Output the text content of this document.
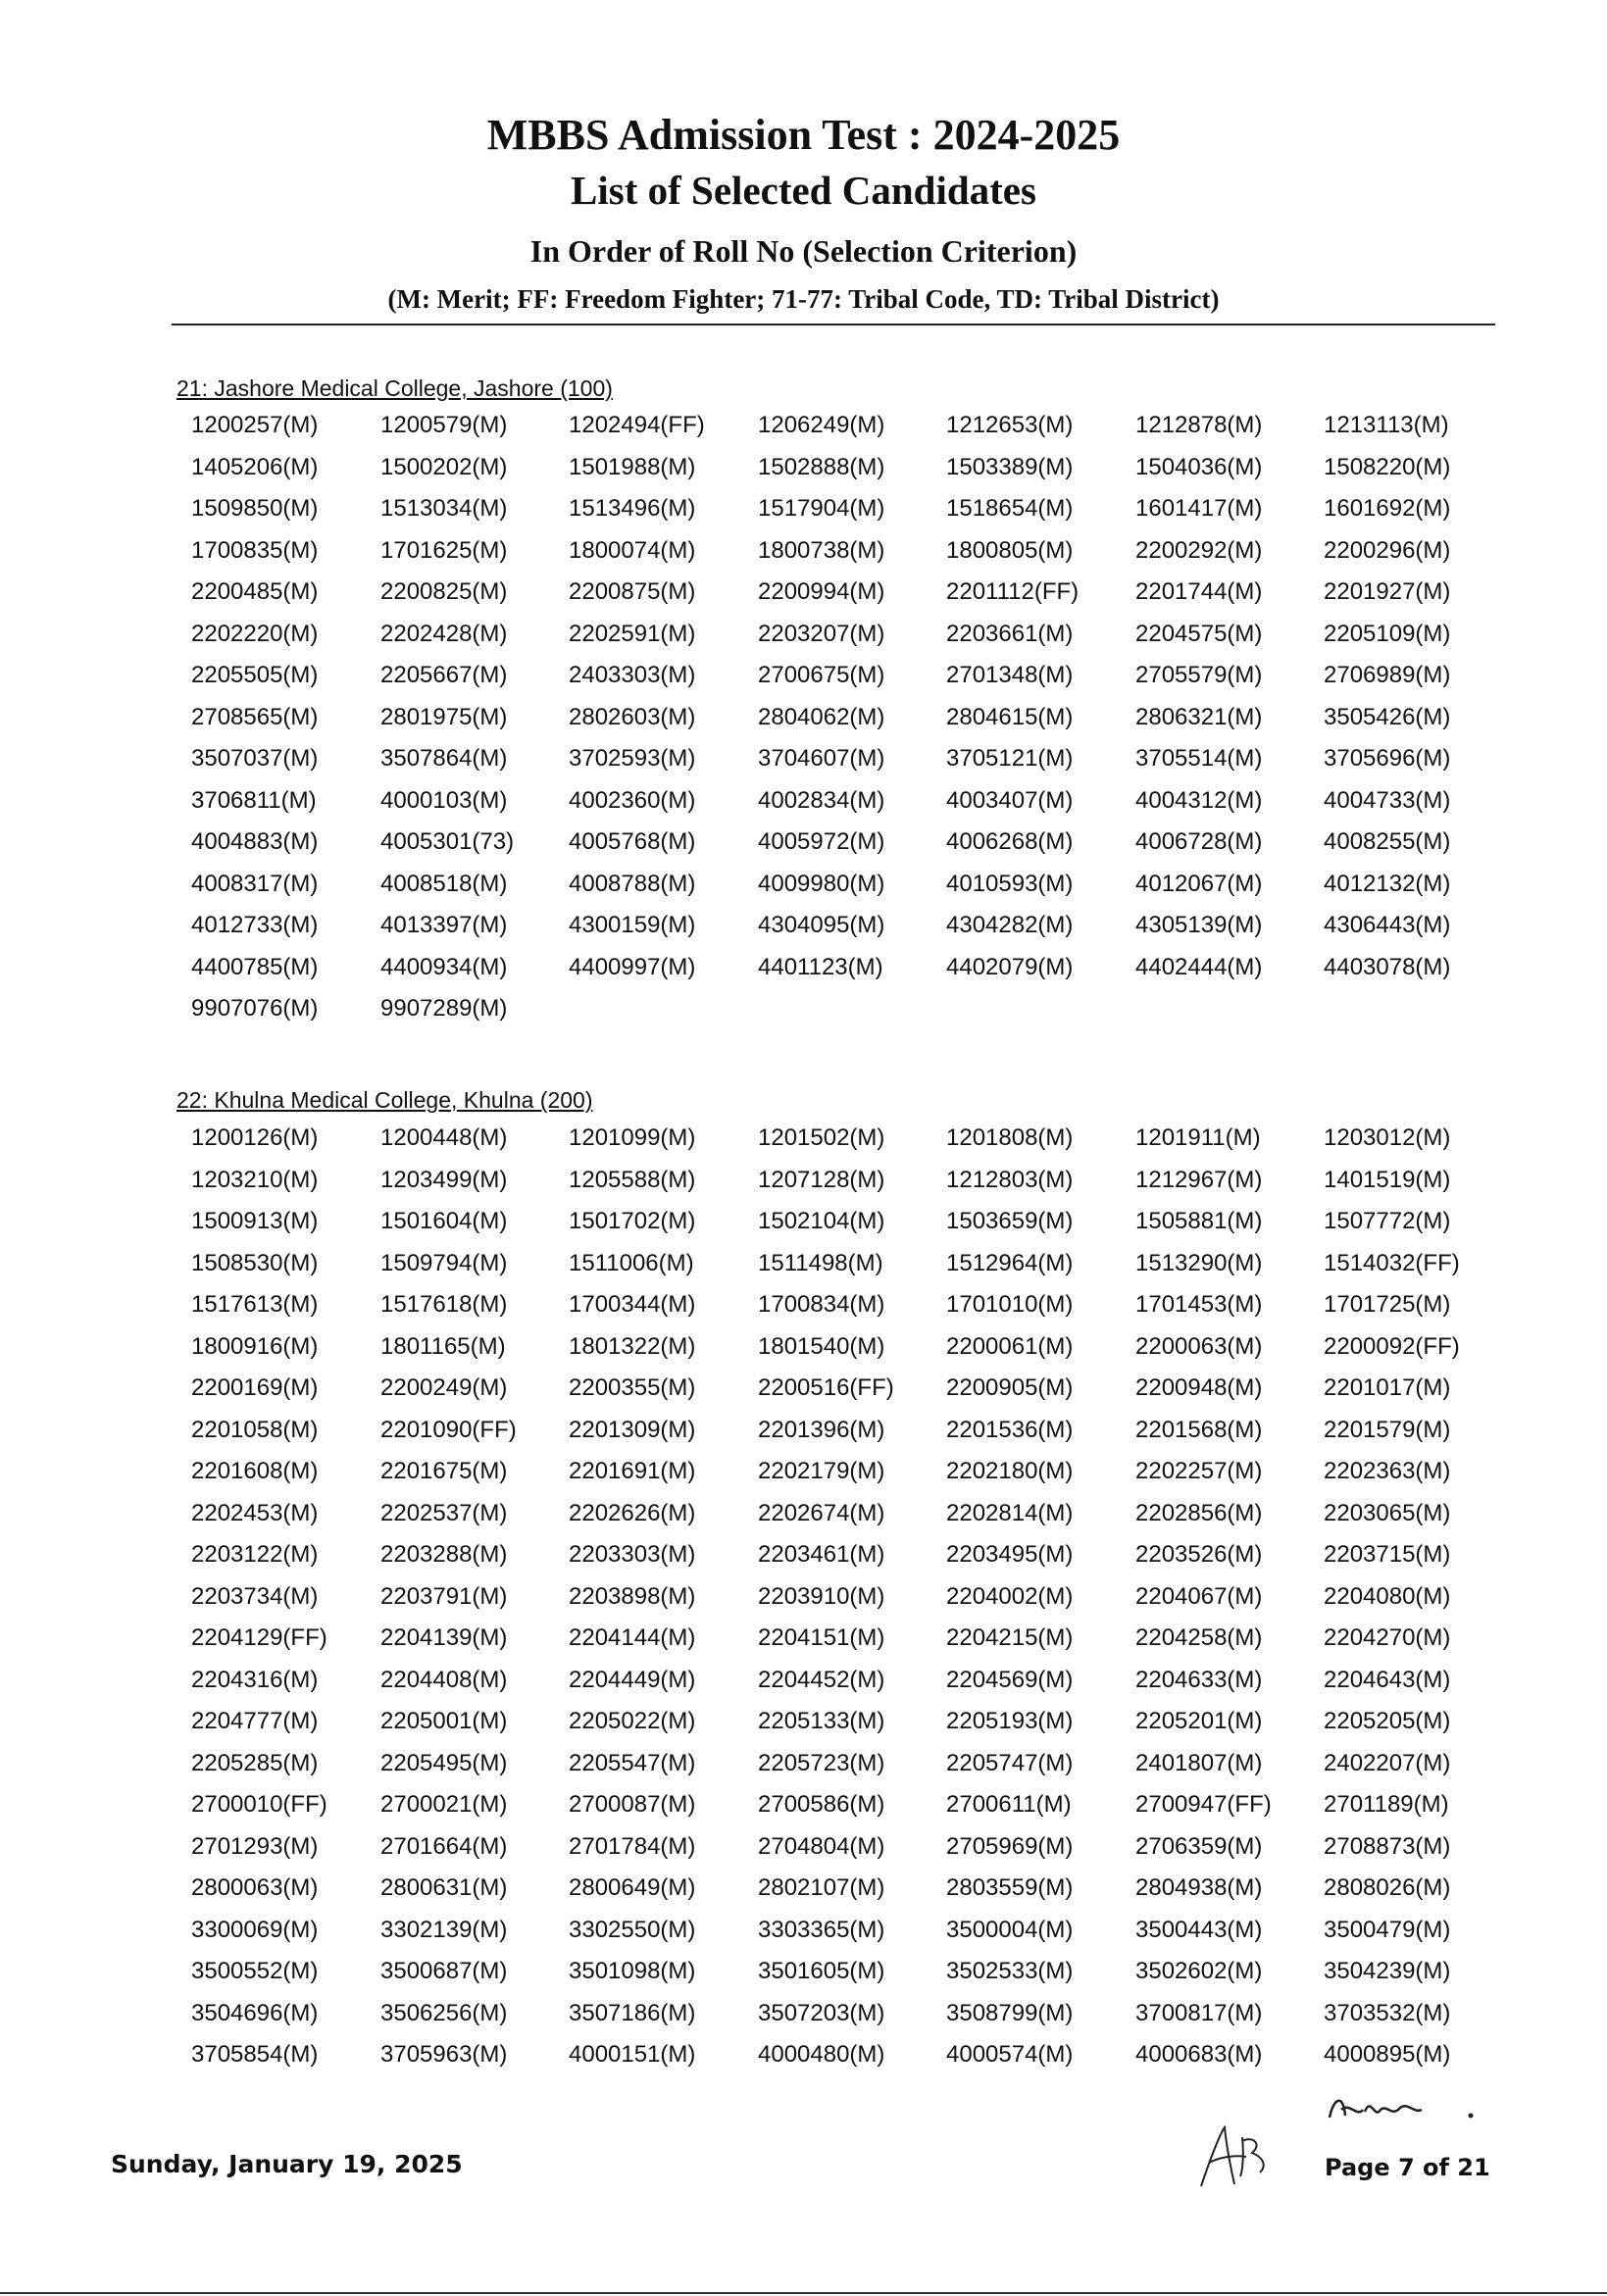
MBBS Admission Test : 2024-2025
List of Selected Candidates
In Order of Roll No (Selection Criterion)
(M: Merit; FF: Freedom Fighter; 71-77: Tribal Code, TD: Tribal District)
21: Jashore Medical College, Jashore (100)
1200257(M)	1200579(M)	1202494(FF)	1206249(M)	1212653(M)	1212878(M)	1213113(M)
1405206(M)	1500202(M)	1501988(M)	1502888(M)	1503389(M)	1504036(M)	1508220(M)
1509850(M)	1513034(M)	1513496(M)	1517904(M)	1518654(M)	1601417(M)	1601692(M)
1700835(M)	1701625(M)	1800074(M)	1800738(M)	1800805(M)	2200292(M)	2200296(M)
2200485(M)	2200825(M)	2200875(M)	2200994(M)	2201112(FF)	2201744(M)	2201927(M)
2202220(M)	2202428(M)	2202591(M)	2203207(M)	2203661(M)	2204575(M)	2205109(M)
2205505(M)	2205667(M)	2403303(M)	2700675(M)	2701348(M)	2705579(M)	2706989(M)
2708565(M)	2801975(M)	2802603(M)	2804062(M)	2804615(M)	2806321(M)	3505426(M)
3507037(M)	3507864(M)	3702593(M)	3704607(M)	3705121(M)	3705514(M)	3705696(M)
3706811(M)	4000103(M)	4002360(M)	4002834(M)	4003407(M)	4004312(M)	4004733(M)
4004883(M)	4005301(73)	4005768(M)	4005972(M)	4006268(M)	4006728(M)	4008255(M)
4008317(M)	4008518(M)	4008788(M)	4009980(M)	4010593(M)	4012067(M)	4012132(M)
4012733(M)	4013397(M)	4300159(M)	4304095(M)	4304282(M)	4305139(M)	4306443(M)
4400785(M)	4400934(M)	4400997(M)	4401123(M)	4402079(M)	4402444(M)	4403078(M)
9907076(M)	9907289(M)
22: Khulna Medical College, Khulna (200)
1200126(M)	1200448(M)	1201099(M)	1201502(M)	1201808(M)	1201911(M)	1203012(M)
1203210(M)	1203499(M)	1205588(M)	1207128(M)	1212803(M)	1212967(M)	1401519(M)
1500913(M)	1501604(M)	1501702(M)	1502104(M)	1503659(M)	1505881(M)	1507772(M)
1508530(M)	1509794(M)	1511006(M)	1511498(M)	1512964(M)	1513290(M)	1514032(FF)
1517613(M)	1517618(M)	1700344(M)	1700834(M)	1701010(M)	1701453(M)	1701725(M)
1800916(M)	1801165(M)	1801322(M)	1801540(M)	2200061(M)	2200063(M)	2200092(FF)
2200169(M)	2200249(M)	2200355(M)	2200516(FF)	2200905(M)	2200948(M)	2201017(M)
2201058(M)	2201090(FF)	2201309(M)	2201396(M)	2201536(M)	2201568(M)	2201579(M)
2201608(M)	2201675(M)	2201691(M)	2202179(M)	2202180(M)	2202257(M)	2202363(M)
2202453(M)	2202537(M)	2202626(M)	2202674(M)	2202814(M)	2202856(M)	2203065(M)
2203122(M)	2203288(M)	2203303(M)	2203461(M)	2203495(M)	2203526(M)	2203715(M)
2203734(M)	2203791(M)	2203898(M)	2203910(M)	2204002(M)	2204067(M)	2204080(M)
2204129(FF)	2204139(M)	2204144(M)	2204151(M)	2204215(M)	2204258(M)	2204270(M)
2204316(M)	2204408(M)	2204449(M)	2204452(M)	2204569(M)	2204633(M)	2204643(M)
2204777(M)	2205001(M)	2205022(M)	2205133(M)	2205193(M)	2205201(M)	2205205(M)
2205285(M)	2205495(M)	2205547(M)	2205723(M)	2205747(M)	2401807(M)	2402207(M)
2700010(FF)	2700021(M)	2700087(M)	2700586(M)	2700611(M)	2700947(FF)	2701189(M)
2701293(M)	2701664(M)	2701784(M)	2704804(M)	2705969(M)	2706359(M)	2708873(M)
2800063(M)	2800631(M)	2800649(M)	2802107(M)	2803559(M)	2804938(M)	2808026(M)
3300069(M)	3302139(M)	3302550(M)	3303365(M)	3500004(M)	3500443(M)	3500479(M)
3500552(M)	3500687(M)	3501098(M)	3501605(M)	3502533(M)	3502602(M)	3504239(M)
3504696(M)	3506256(M)	3507186(M)	3507203(M)	3508799(M)	3700817(M)	3703532(M)
3705854(M)	3705963(M)	4000151(M)	4000480(M)	4000574(M)	4000683(M)	4000895(M)
Sunday, January 19, 2025	Page 7 of 21
